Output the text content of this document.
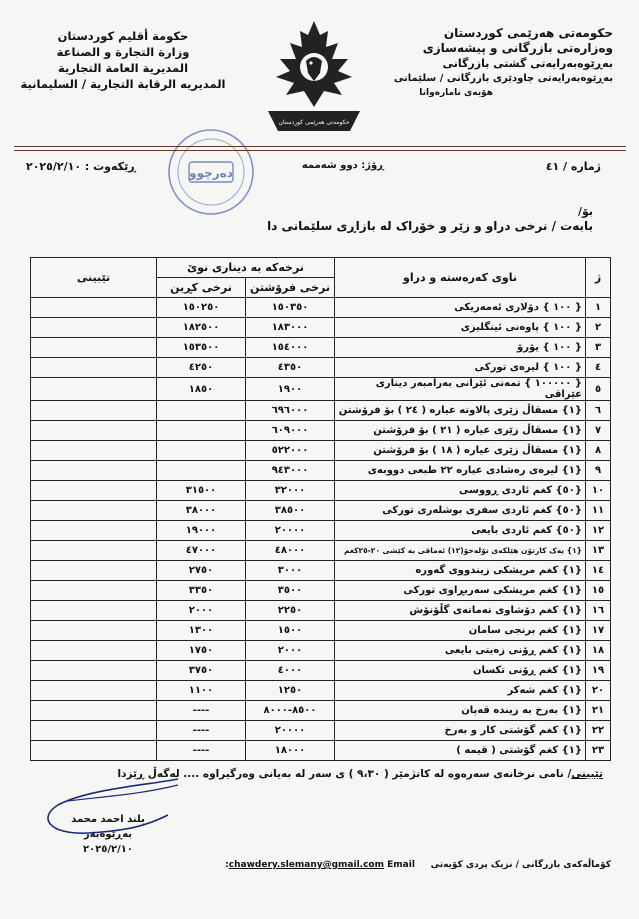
حکومەتی هەرێمی کوردستان
وەزارەتی بازرگانی و پیشەسازی
بەڕێوەبەرایەتی گشتی بازرگانی
بەڕێوەبەرایەتی چاودێری بازرگانی / سلێمانی
هۆبەی نامارەوانا
حكومة أقليم كوردستان
وزارة التجارة و الصناعة
المديرية العامة التجارية
المديريه الرقابة التجارية / السليمانية
حکومەتی هەرێمی کوردستان
دەرچوو	ژمارە / ٤١
ڕۆژ: دوو شەممە
ڕێکەوت : ٢٠٢٥/٢/١٠
بۆ/
بابەت / نرخی دراو و زێر و خۆراک لە بازاڕی سلێمانی دا
ژ	ناوی کەرەستە و دراو	نرخەکە بە دیناری نوێ		تێبینی
		نرخی فرۆشتن	نرخی کڕین	
١	{ ١٠٠ } دۆلاری ئەمەریکی	١٥٠٣٥٠	١٥٠٢٥٠	
٢	{ ١٠٠ } پاوەنی ئینگلیزی	١٨٣٠٠٠	١٨٢٥٠٠	
٣	{ ١٠٠ } یۆرۆ	١٥٤٠٠٠	١٥٣٥٠٠	
٤	{ ١٠٠ } لیرەی تورکی	٤٣٥٠	٤٢٥٠	
٥	{ ١٠٠٠٠٠ } تمەنی ئێرانی بەرامبەر دیناری عێراقی	١٩٠٠	١٨٥٠	
٦	{١} مسقاڵ زێری پالاوتە عیارە ( ٢٤ ) بۆ فرۆشتن	٦٩٦٠٠٠		
٧	{١} مسقاڵ زێری عیارە ( ٢١ ) بۆ فرۆشتن	٦٠٩٠٠٠		
٨	{١} مسقاڵ زێری عیارە ( ١٨ ) بۆ فرۆشتن	٥٢٢٠٠٠		
٩	{١} لیرەی رەشادی عیارە ٢٢ طبعی دووبەی	٩٤٣٠٠٠		
١٠	{٥٠} کغم ئاردی ڕووسی	٣٢٠٠٠	٣١٥٠٠	
١١	{٥٠} کغم ئاردی سفری بوشلەری تورکی	٣٨٥٠٠	٣٨٠٠٠	
١٢	{٥٠} کغم ئاردی بایعی	٢٠٠٠٠	١٩٠٠٠	
١٣	{١} یەک کارتۆن هێلکەی تۆلەخۆ(١٢) ئەماقی بە کێشی ٢٠-٢٥کغم	٤٨٠٠٠	٤٧٠٠٠	
١٤	{١} کغم مریشکی زیندووی گەورە	٣٠٠٠	٢٧٥٠	
١٥	{١} کغم مریشکی سەربڕاوی تورکی	٣٥٠٠	٣٣٥٠	
١٦	{١} کغم دۆشاوی تەماتەی گڵۆنۆش	٢٢٥٠	٢٠٠٠	
١٧	{١} کغم برنجی سامان	١٥٠٠	١٣٠٠	
١٨	{١} کغم ڕۆنی زەیتی بایعی	٢٠٠٠	١٧٥٠	
١٩	{١} کغم ڕۆنی تکسان	٤٠٠٠	٣٧٥٠	
٢٠	{١} کغم شەکر	١٢٥٠	١١٠٠	
٢١	{١} بەرخ بە زیندە قەپان	٨٥٠٠-٨٠٠٠	----	
٢٢	{١} کغم گۆشتی کار و بەرخ	٢٠٠٠٠	----	
٢٣	{١} کغم گۆشتی ( قیمە )	١٨٠٠٠	----	
تێبینی/ نامی نرخانەی سەرەوە لە کاتژمێر ( ٩،٣٠ ) ی سەر لە بەیانی وەرگیراوە .... لەگەڵ ڕێزدا
بلند احمد محمد
بەڕێوەبەر
٢٠٢٥/٢/١٠
کۆماڵەکەی بازرگانی / نزیک پردی کۆیەتی     chawdery.slemany@gmail.com Email:
